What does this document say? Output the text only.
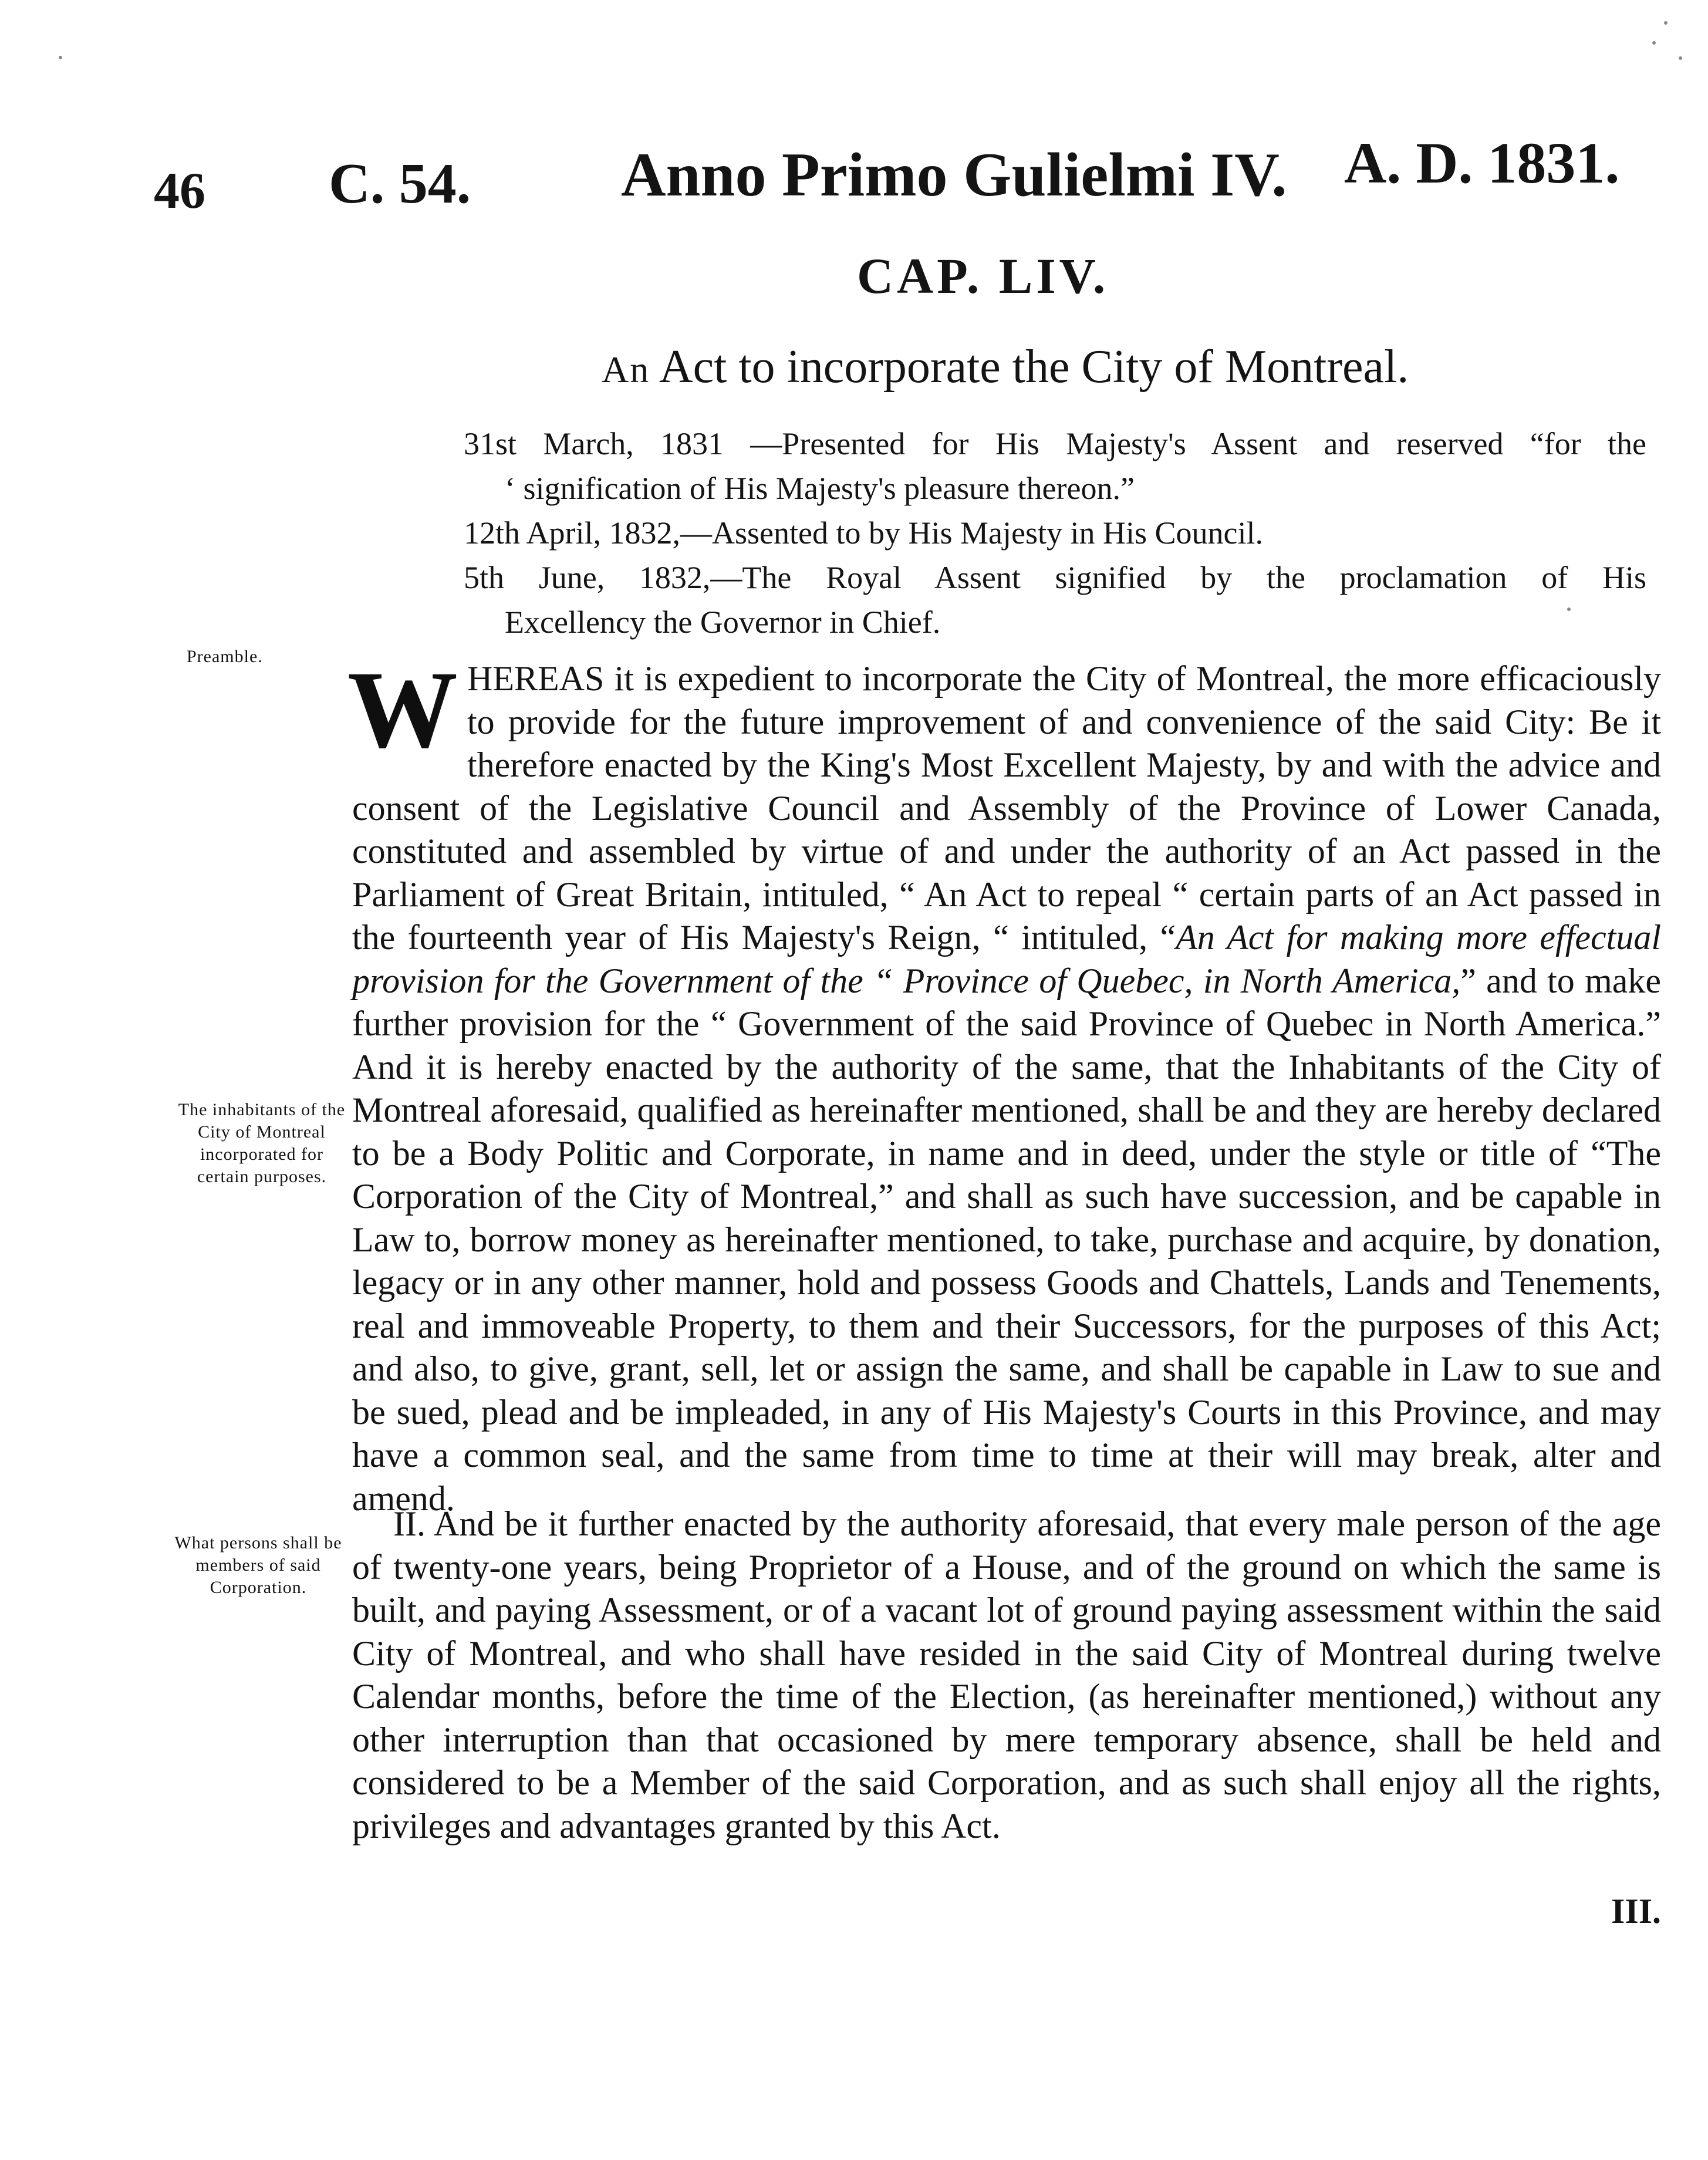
46 C. 54. Anno Primo Gulielmi IV. A. D. 1831.
CAP. LIV.
An Act to incorporate the City of Montreal.

31st March, 1831 —Presented for His Majesty's Assent and reserved “for the

‘ signification of His Majesty's pleasure thereon.”

12th April, 1832,—Assented to by His Majesty in His Council.

5th June, 1832,—The Royal Assent signified by the proclamation of His

Excellency the Governor in Chief.

Preamble.
The inhabitants of the City of Montreal incorporated for certain purposes.
What persons shall be members of said Corporation.

WHEREAS it is expedient to incorporate the City of Montreal, the more efficaciously to provide for the future improvement of and convenience of the said City: Be it therefore enacted by the King's Most Excellent Majesty, by and with the advice and consent of the Legislative Council and Assembly of the Province of Lower Canada, constituted and assembled by virtue of and under the authority of an Act passed in the Parliament of Great Britain, intituled, “ An Act to repeal “ certain parts of an Act passed in the fourteenth year of His Majesty's Reign, “ intituled, “An Act for making more effectual provision for the Government of the “ Province of Quebec, in North America,” and to make further provision for the “ Government of the said Province of Quebec in North America.” And it is hereby enacted by the authority of the same, that the Inhabitants of the City of Montreal aforesaid, qualified as hereinafter mentioned, shall be and they are hereby declared to be a Body Politic and Corporate, in name and in deed, under the style or title of “The Corporation of the City of Montreal,” and shall as such have succession, and be capable in Law to, borrow money as hereinafter mentioned, to take, purchase and acquire, by donation, legacy or in any other manner, hold and possess Goods and Chattels, Lands and Tenements, real and immoveable Property, to them and their Successors, for the purposes of this Act; and also, to give, grant, sell, let or assign the same, and shall be capable in Law to sue and be sued, plead and be impleaded, in any of His Majesty's Courts in this Province, and may have a common seal, and the same from time to time at their will may break, alter and amend.

II. And be it further enacted by the authority aforesaid, that every male person of the age of twenty-one years, being Proprietor of a House, and of the ground on which the same is built, and paying Assessment, or of a vacant lot of ground paying assessment within the said City of Montreal, and who shall have resided in the said City of Montreal during twelve Calendar months, before the time of the Election, (as hereinafter mentioned,) without any other interruption than that occasioned by mere temporary absence, shall be held and considered to be a Member of the said Corporation, and as such shall enjoy all the rights, privileges and advantages granted by this Act.

III.
